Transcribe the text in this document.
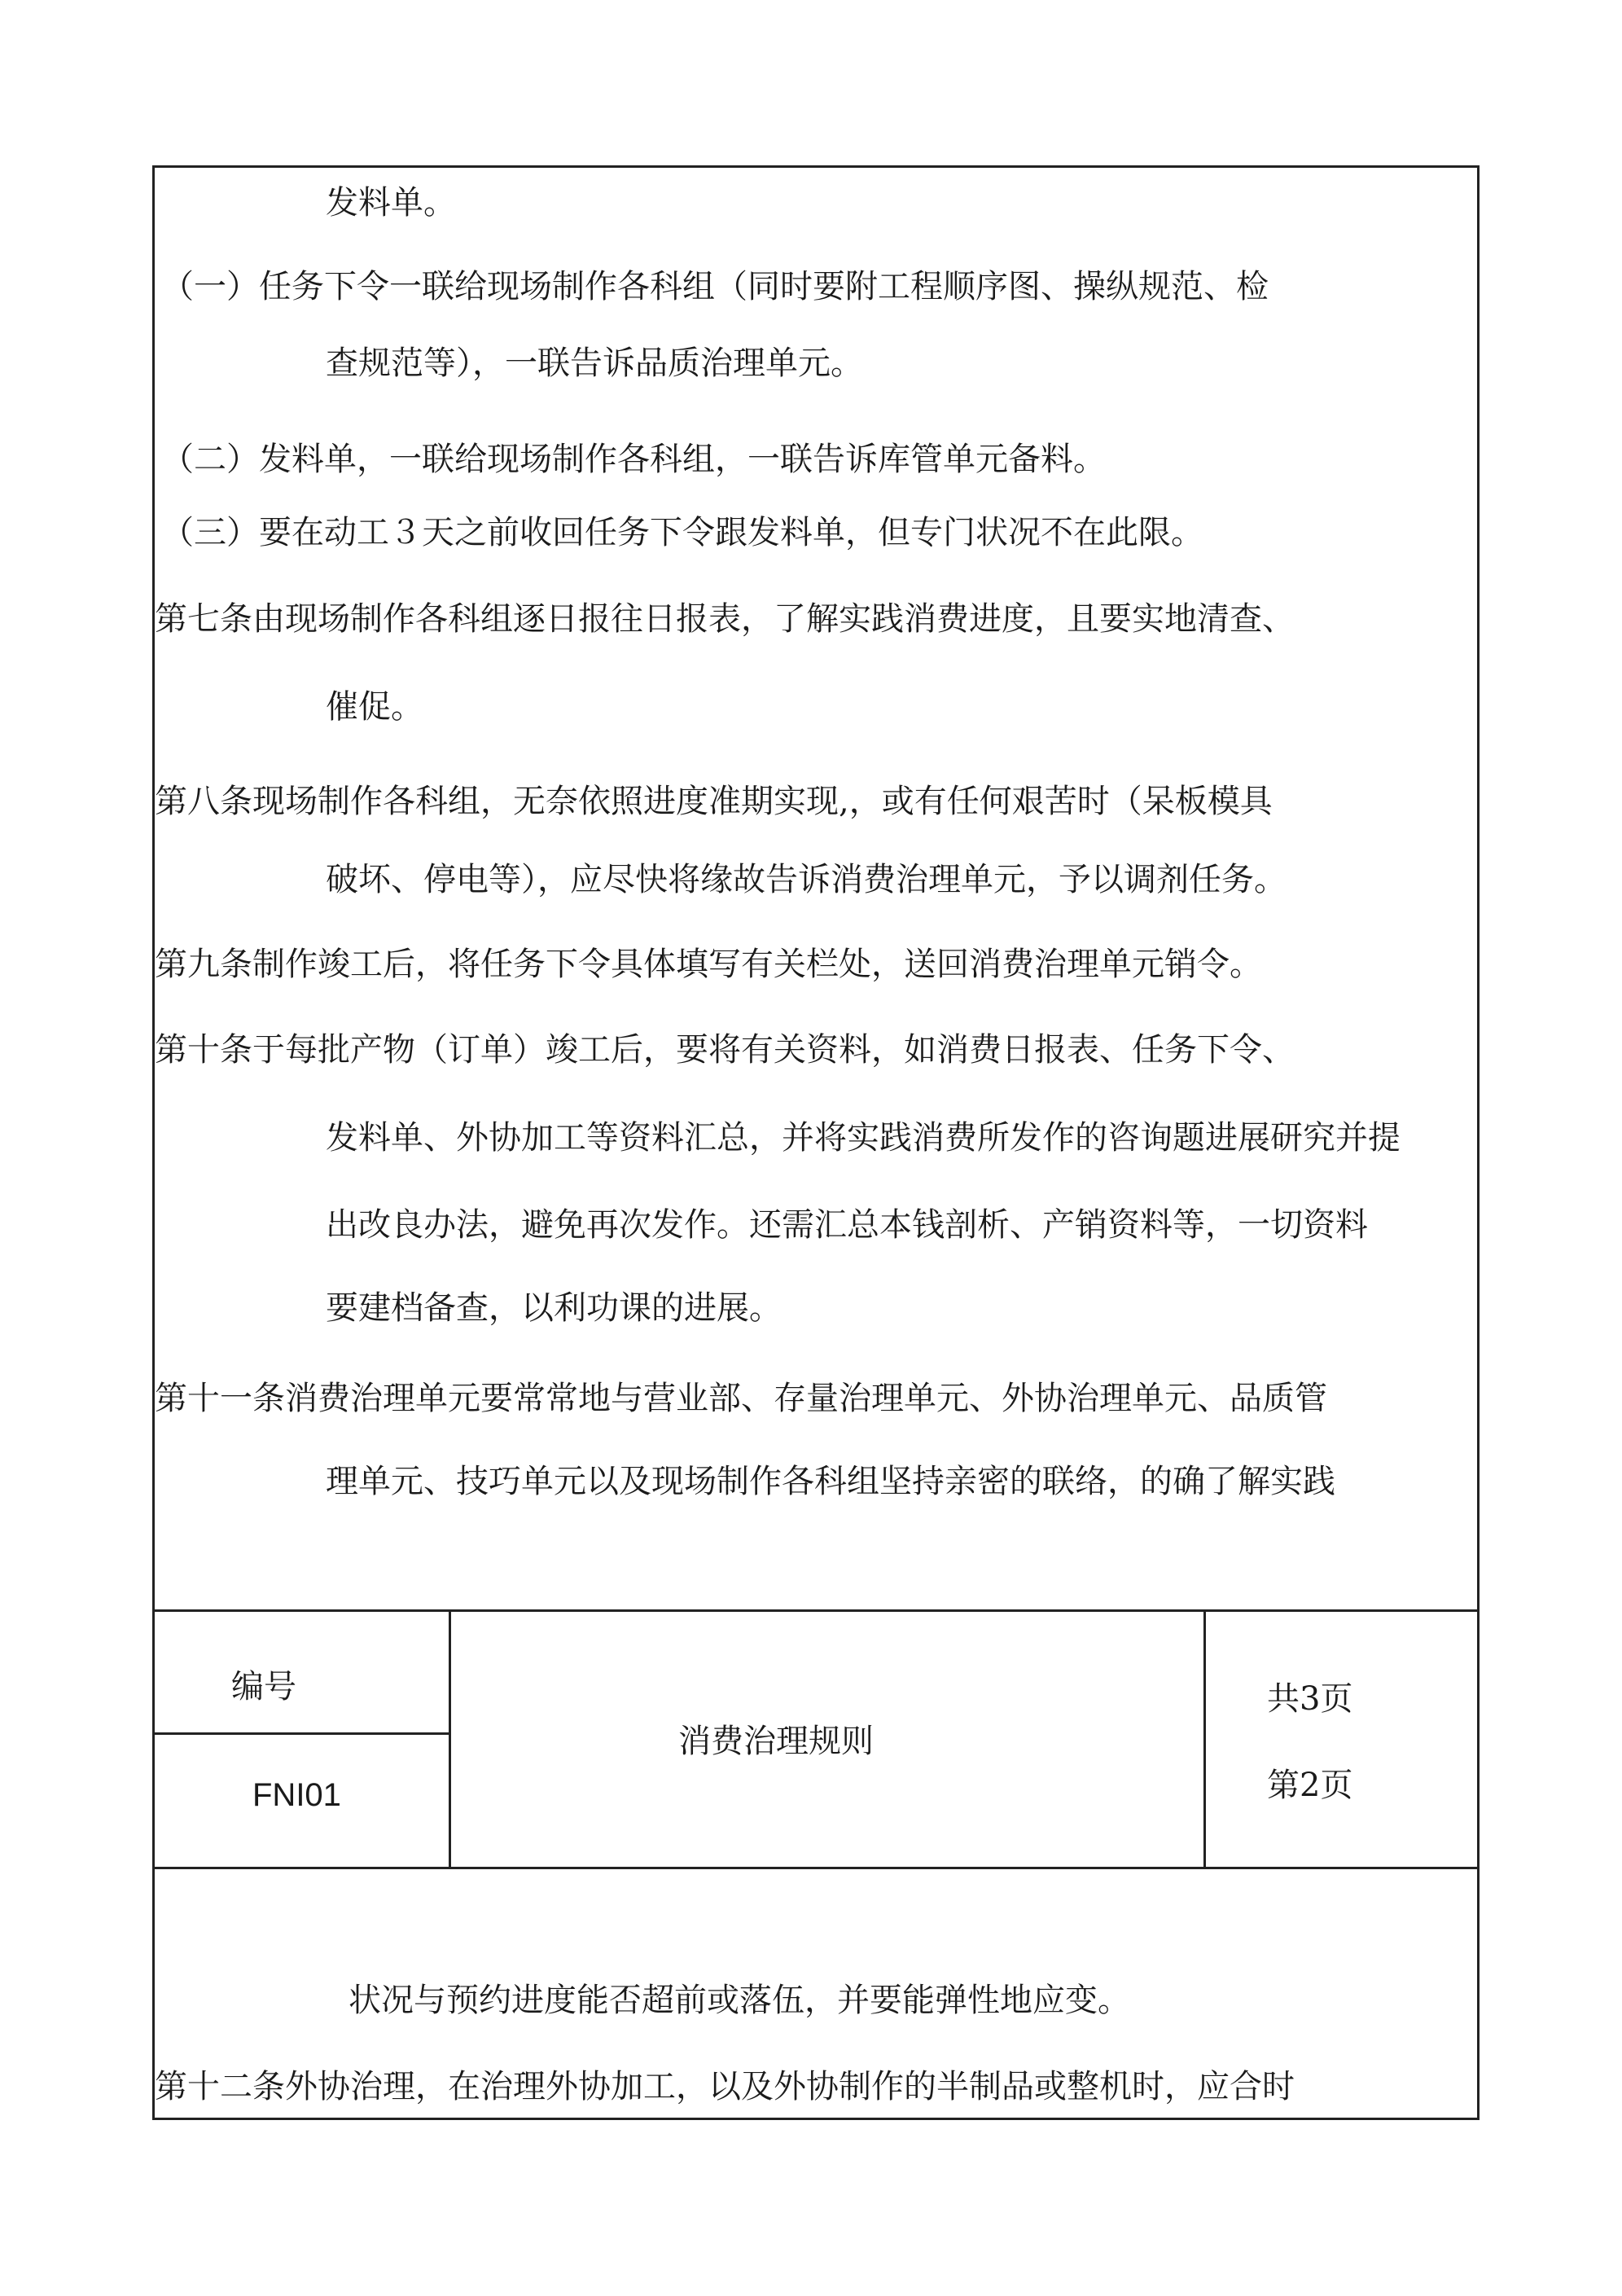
发料单。
（一）任务下令一联给现场制作各科组（同时要附工程顺序图、操纵规范、检
查规范等），一联告诉品质治理单元。
（二）发料单，一联给现场制作各科组，一联告诉库管单元备料。
（三）要在动工３天之前收回任务下令跟发料单，但专门状况不在此限。
第七条由现场制作各科组逐日报往日报表，了解实践消费进度，且要实地清查、
催促。
第八条现场制作各科组，无奈依照进度准期实现,，或有任何艰苦时（呆板模具
破坏、停电等），应尽快将缘故告诉消费治理单元，予以调剂任务。
第九条制作竣工后，将任务下令具体填写有关栏处，送回消费治理单元销令。
第十条于每批产物（订单）竣工后，要将有关资料，如消费日报表、任务下令、
发料单、外协加工等资料汇总，并将实践消费所发作的咨询题进展研究并提
出改良办法，避免再次发作。还需汇总本钱剖析、产销资料等，一切资料
要建档备查，以利功课的进展。
第十一条消费治理单元要常常地与营业部、存量治理单元、外协治理单元、品质管
理单元、技巧单元以及现场制作各科组坚持亲密的联络，的确了解实践
编号
FNI01
消费治理规则
共3页
第2页
状况与预约进度能否超前或落伍，并要能弹性地应变。
第十二条外协治理，在治理外协加工，以及外协制作的半制品或整机时，应合时
